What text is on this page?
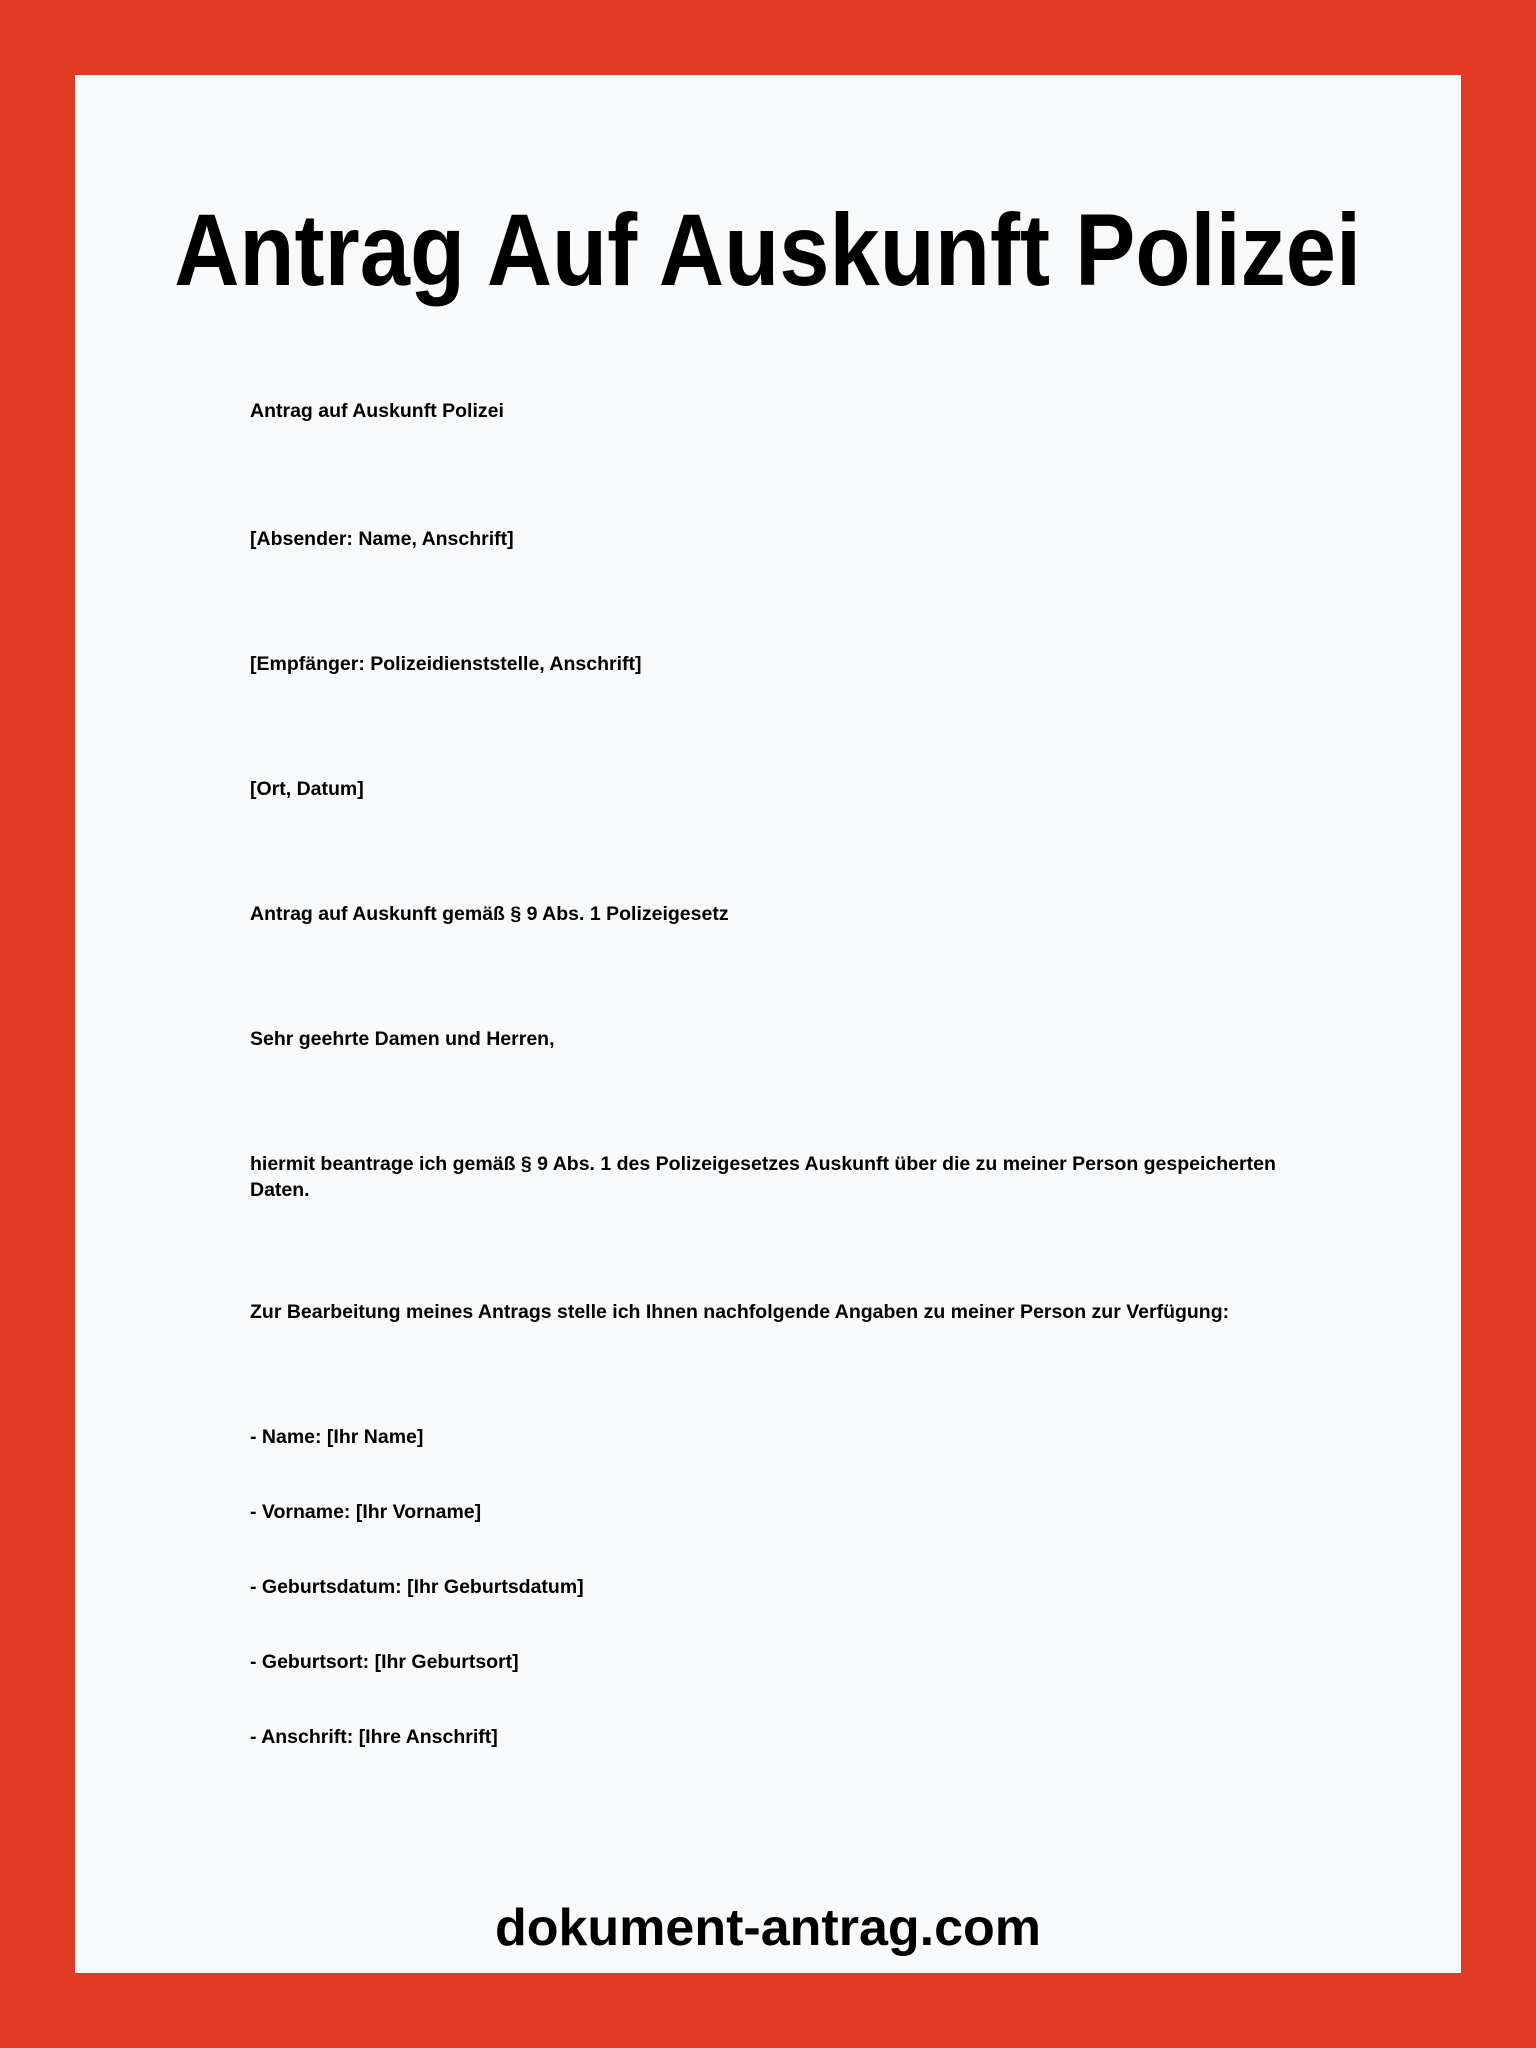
Antrag Auf Auskunft Polizei

Antrag auf Auskunft Polizei

[Absender: Name, Anschrift]

[Empfänger: Polizeidienststelle, Anschrift]

[Ort, Datum]

Antrag auf Auskunft gemäß § 9 Abs. 1 Polizeigesetz

Sehr geehrte Damen und Herren,

hiermit beantrage ich gemäß § 9 Abs. 1 des Polizeigesetzes Auskunft über die zu meiner Person gespeicherten Daten.

Zur Bearbeitung meines Antrags stelle ich Ihnen nachfolgende Angaben zu meiner Person zur Verfügung:

- Name: [Ihr Name]

- Vorname: [Ihr Vorname]

- Geburtsdatum: [Ihr Geburtsdatum]

- Geburtsort: [Ihr Geburtsort]

- Anschrift: [Ihre Anschrift]

dokument-antrag.com
